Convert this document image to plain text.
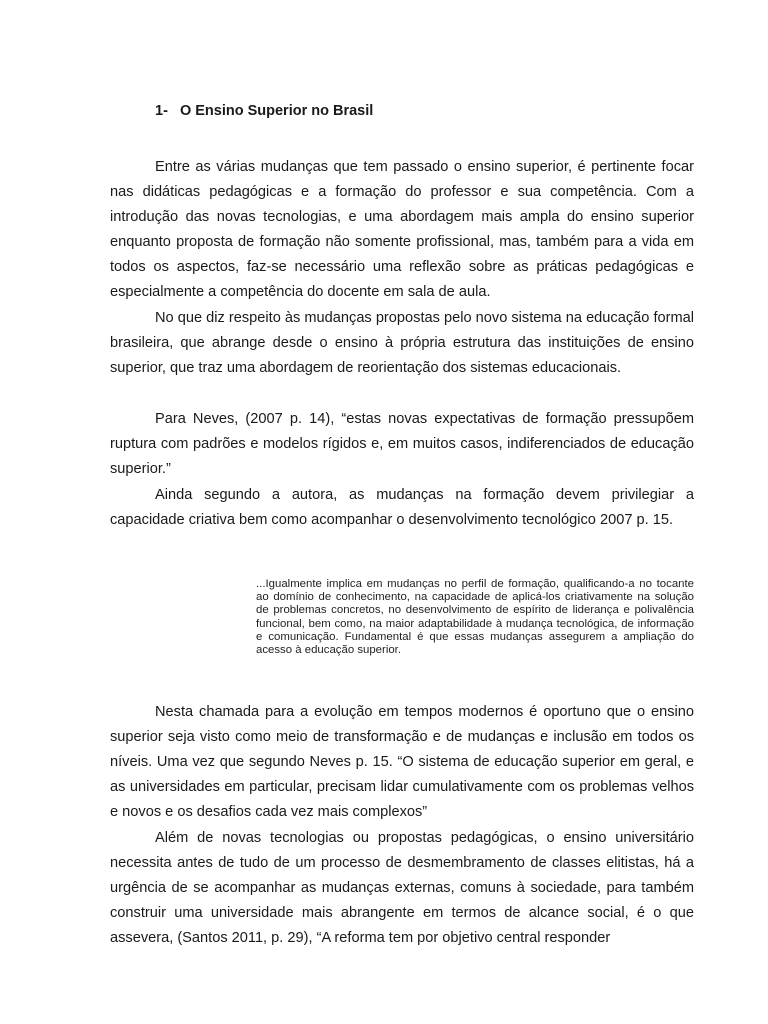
1- O Ensino Superior no Brasil

Entre as várias mudanças que tem passado o ensino superior, é pertinente focar nas didáticas pedagógicas e a formação do professor e sua competência. Com a introdução das novas tecnologias, e uma abordagem mais ampla do ensino superior enquanto proposta de formação não somente profissional, mas, também para a vida em todos os aspectos, faz-se necessário uma reflexão sobre as práticas pedagógicas e especialmente a competência do docente em sala de aula.

No que diz respeito às mudanças propostas pelo novo sistema na educação formal brasileira, que abrange desde o ensino à própria estrutura das instituições de ensino superior, que traz uma abordagem de reorientação dos sistemas educacionais.

Para Neves, (2007 p. 14), “estas novas expectativas de formação pressupõem ruptura com padrões e modelos rígidos e, em muitos casos, indiferenciados de educação superior.”

Ainda segundo a autora, as mudanças na formação devem privilegiar a capacidade criativa bem como acompanhar o desenvolvimento tecnológico 2007 p. 15.

...Igualmente implica em mudanças no perfil de formação, qualificando-a no tocante ao domínio de conhecimento, na capacidade de aplicá-los criativamente na solução de problemas concretos, no desenvolvimento de espírito de liderança e polivalência funcional, bem como, na maior adaptabilidade à mudança tecnológica, de informação e comunicação. Fundamental é que essas mudanças assegurem a ampliação do acesso à educação superior.

Nesta chamada para a evolução em tempos modernos é oportuno que o ensino superior seja visto como meio de transformação e de mudanças e inclusão em todos os níveis. Uma vez que segundo Neves p. 15. “O sistema de educação superior em geral, e as universidades em particular, precisam lidar cumulativamente com os problemas velhos e novos e os desafios cada vez mais complexos”

Além de novas tecnologias ou propostas pedagógicas, o ensino universitário necessita antes de tudo de um processo de desmembramento de classes elitistas, há a urgência de se acompanhar as mudanças externas, comuns à sociedade, para também construir uma universidade mais abrangente em termos de alcance social, é o que assevera, (Santos 2011, p. 29), “A reforma tem por objetivo central responder
